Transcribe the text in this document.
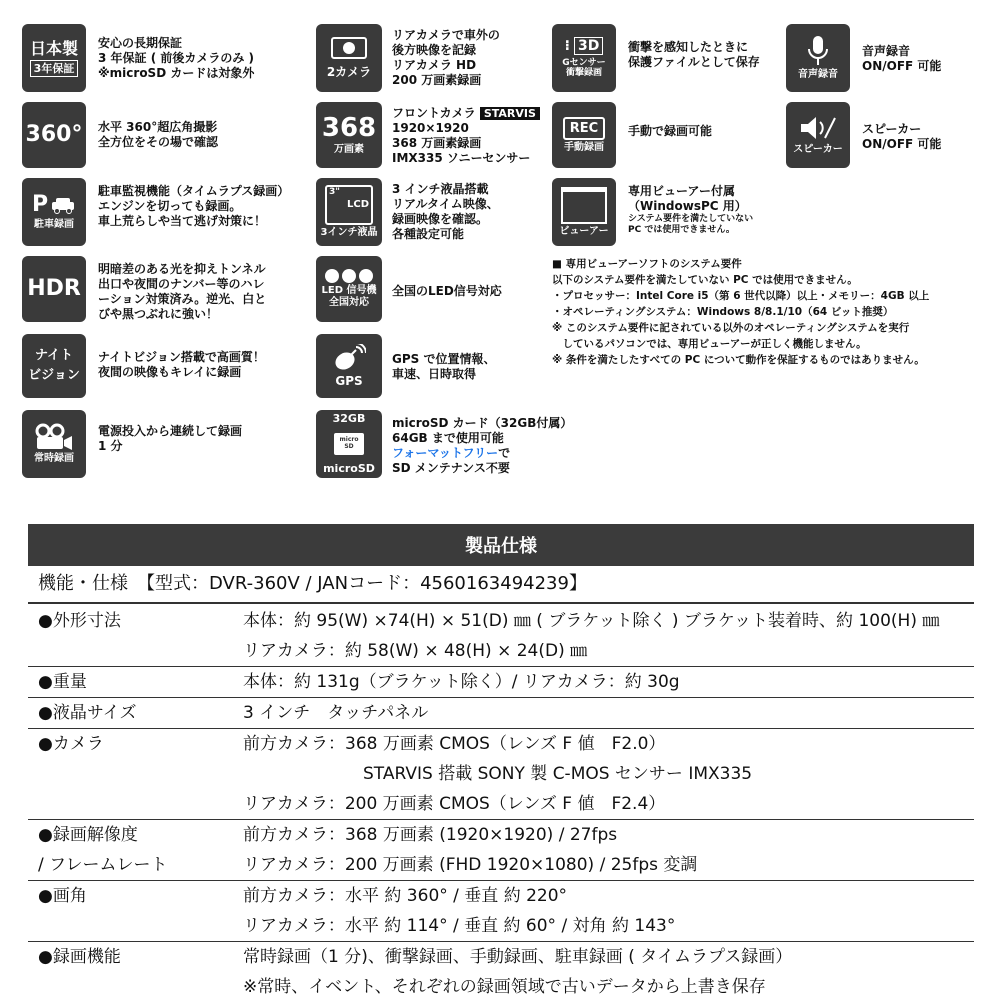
日本製
3年保証
安心の長期保証
3 年保証 ( 前後カメラのみ )
※microSD カードは対象外
360° 水平 360°超広角撮影
全方位をその場で確認
P
駐車録画
駐車監視機能（タイムラプス録画）
エンジンを切っても録画。
車上荒らしや当て逃げ対策に！
HDR
明暗差のある光を抑えトンネル
出口や夜間のナンバー等のハレ
ーション対策済み。逆光、白と
びや黒つぶれに強い！
ナイト
ビジョン
ナイトビジョン搭載で高画質！
夜間の映像もキレイに録画
常時録画
電源投入から連続して録画
1 分
2カメラ
リアカメラで車外の
後方映像を記録
リアカメラ HD
200 万画素録画
368
万画素
フロントカメラ STARVIS
1920×1920
368 万画素録画
IMX335 ソニーセンサー
3"
LCD
3インチ液晶
3 インチ液晶搭載
リアルタイム映像、
録画映像を確認。
各種設定可能
LED 信号機
全国対応
全国のLED信号対応
GPS
GPS で位置情報、
車速、日時取得
32GB
micro SD
microSD
microSD カード（32GB付属）
64GB まで使用可能
フォーマットフリーで
SD メンテナンス不要
⁝ 3D
Gセンサー
衝撃録画
衝撃を感知したときに
保護ファイルとして保存
REC
手動録画
手動で録画可能
ビューアー
専用ビューアー付属
（WindowsPC 用）
システム要件を満たしていない
PC では使用できません。
音声録音
音声録音
ON/OFF 可能
スピーカー
スピーカー
ON/OFF 可能
■ 専用ビューアーソフトのシステム要件
以下のシステム要件を満たしていない PC では使用できません。
・プロセッサー：Intel Core i5（第 6 世代以降）以上・メモリー：4GB 以上
・オペレーティングシステム：Windows 8/8.1/10（64 ビット推奨）
※ このシステム要件に記されている以外のオペレーティングシステムを実行
　しているパソコンでは、専用ビューアーが正しく機能しません。
※ 条件を満たしたすべての PC について動作を保証するものではありません。
製品仕様
機能・仕様　【型式：DVR-360V / JANコード：4560163494239】
●外形寸法	本体：約 95(W) ×74(H) × 51(D) ㎜ ( ブラケット除く ) ブラケット装着時、約 100(H) ㎜
リアカメラ：約 58(W) × 48(H) × 24(D) ㎜
●重量	本体：約 131g（ブラケット除く）/ リアカメラ：約 30g
●液晶サイズ	3 インチ　タッチパネル
●カメラ	前方カメラ：368 万画素 CMOS（レンズ F 値　F2.0）
STARVIS 搭載 SONY 製 C-MOS センサー IMX335
リアカメラ：200 万画素 CMOS（レンズ F 値　F2.4）
●録画解像度
/ フレームレート
前方カメラ：368 万画素 (1920×1920) / 27fps
リアカメラ：200 万画素 (FHD 1920×1080) / 25fps 変調
●画角	前方カメラ：水平 約 360° / 垂直 約 220°
リアカメラ：水平 約 114° / 垂直 約 60° / 対角 約 143°
●録画機能	常時録画（1 分)、衝撃録画、手動録画、駐車録画 ( タイムラプス録画）
※常時、イベント、それぞれの録画領域で古いデータから上書き保存
